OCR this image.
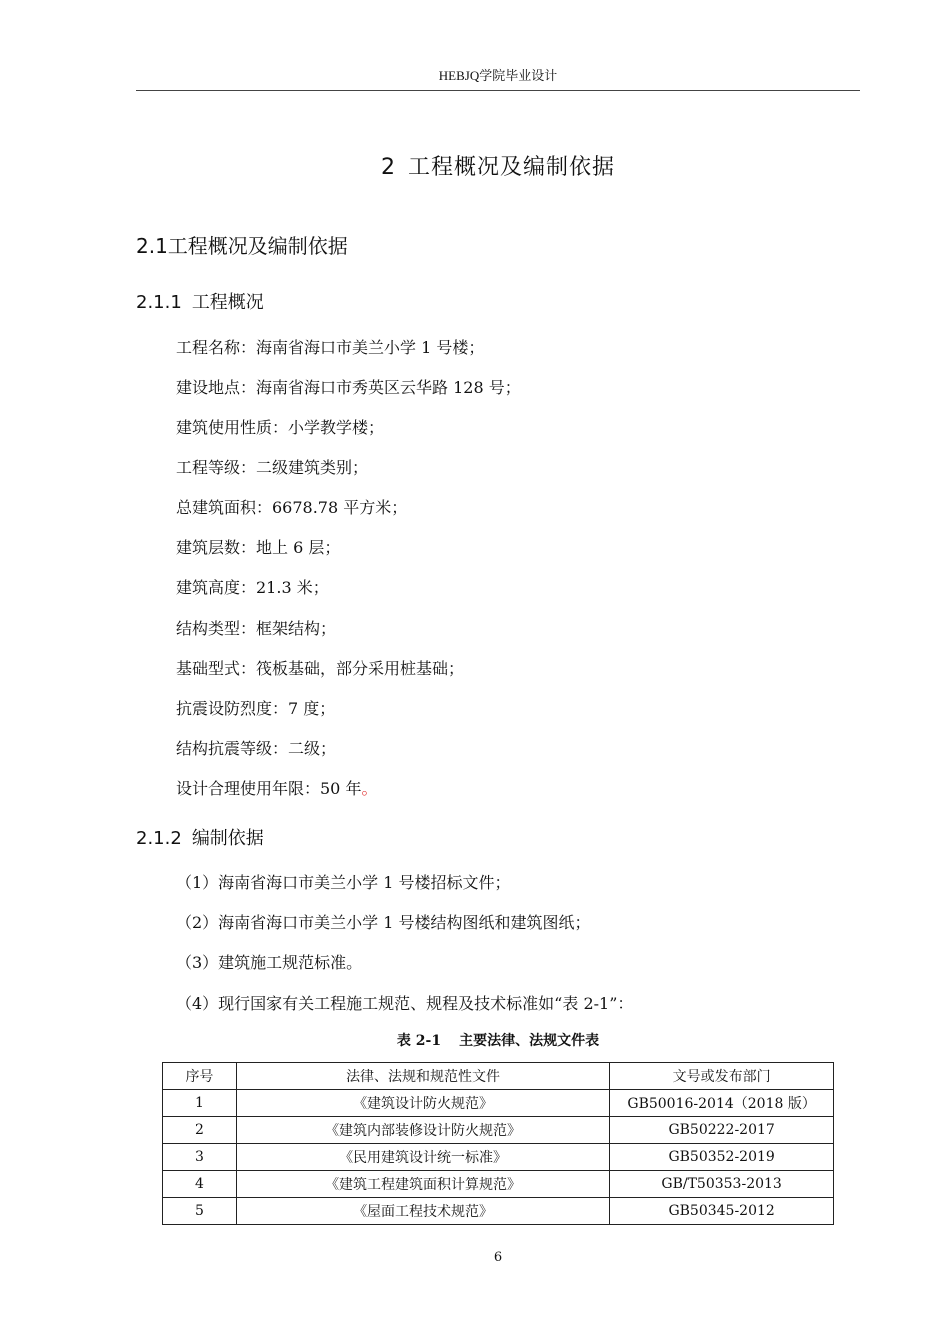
HEBJQ学院毕业设计
2 工程概况及编制依据
2.1工程概况及编制依据
2.1.1 工程概况
工程名称：海南省海口市美兰小学 1 号楼；
建设地点：海南省海口市秀英区云华路 128 号；
建筑使用性质：小学教学楼；
工程等级：二级建筑类别；
总建筑面积：6678.78 平方米；
建筑层数：地上 6 层；
建筑高度：21.3 米；
结构类型：框架结构；
基础型式：筏板基础，部分采用桩基础；
抗震设防烈度：7 度；
结构抗震等级：二级；
设计合理使用年限：50 年。
2.1.2 编制依据
（1）海南省海口市美兰小学 1 号楼招标文件；
（2）海南省海口市美兰小学 1 号楼结构图纸和建筑图纸；
（3）建筑施工规范标准。
（4）现行国家有关工程施工规范、规程及技术标准如“表 2-1”：
表 2-1 主要法律、法规文件表
序号	法律、法规和规范性文件	文号或发布部门
1	《建筑设计防火规范》	GB50016-2014（2018 版）
2	《建筑内部装修设计防火规范》	GB50222-2017
3	《民用建筑设计统一标准》	GB50352-2019
4	《建筑工程建筑面积计算规范》	GB/T50353-2013
5	《屋面工程技术规范》	GB50345-2012
6
